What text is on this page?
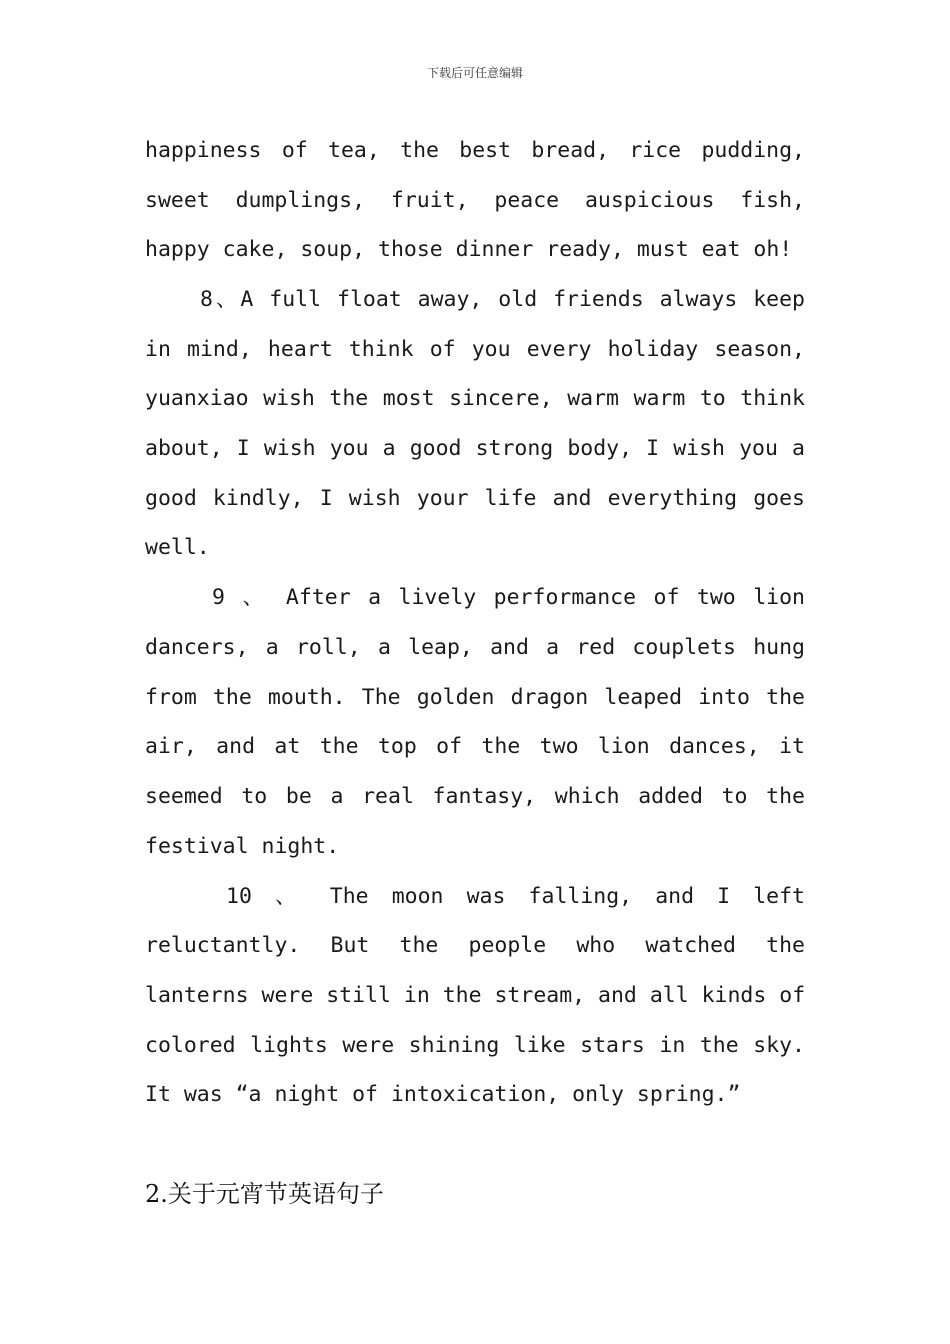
下载后可任意编辑
happiness of tea, the best bread, rice pudding,
sweet dumplings, fruit, peace auspicious fish,
happy cake, soup, those dinner ready, must eat oh!
8、A full float away, old friends always keep
in mind, heart think of you every holiday season,
yuanxiao wish the most sincere, warm warm to think
about, I wish you a good strong body, I wish you a
good kindly, I wish your life and everything goes
well.
9 、 After a lively performance of two lion
dancers, a roll, a leap, and a red couplets hung
from the mouth. The golden dragon leaped into the
air, and at the top of the two lion dances, it
seemed to be a real fantasy, which added to the
festival night.
10 、 The moon was falling, and I left
reluctantly. But the people who watched the
lanterns were still in the stream, and all kinds of
colored lights were shining like stars in the sky.
It was “a night of intoxication, only spring.”
2.关于元宵节英语句子
